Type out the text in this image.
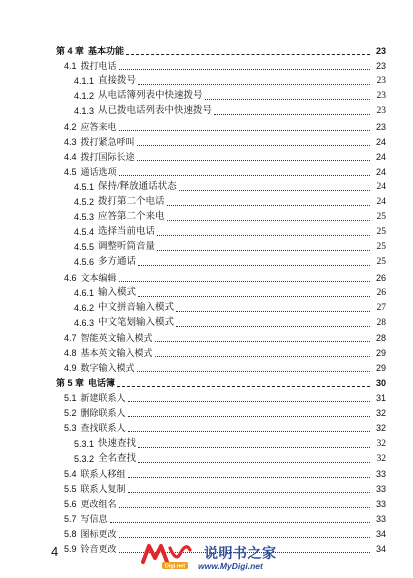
第 4 章 基本功能	23
4.1 拨打电话	23
4.1.1 直接拨号	23
4.1.2 从电话簿列表中快速拨号	23
4.1.3 从已拨电话列表中快速拨号	23
4.2 应答来电	23
4.3 拨打紧急呼叫	24
4.4 拨打国际长途	24
4.5 通话选项	24
4.5.1 保持/释放通话状态	24
4.5.2 拨打第二个电话	24
4.5.3 应答第二个来电	25
4.5.4 选择当前电话	25
4.5.5 调整听筒音量	25
4.5.6 多方通话	25
4.6 文本编辑	26
4.6.1 输入模式	26
4.6.2 中文拼音输入模式	27
4.6.3 中文笔划输入模式	28
4.7 智能英文输入模式	28
4.8 基本英文输入模式	29
4.9 数字输入模式	29
第 5 章 电话簿	30
5.1 新建联系人	31
5.2 删除联系人	32
5.3 查找联系人	32
5.3.1 快速查找	32
5.3.2 全名查找	32
5.4 联系人移组	33
5.5 联系人复制	33
5.6 更改组名	33
5.7 写信息	33
5.8 图标更改	34
5.9 铃音更改	34
4
Digi.net
说明书之家
www.MyDigi.net
